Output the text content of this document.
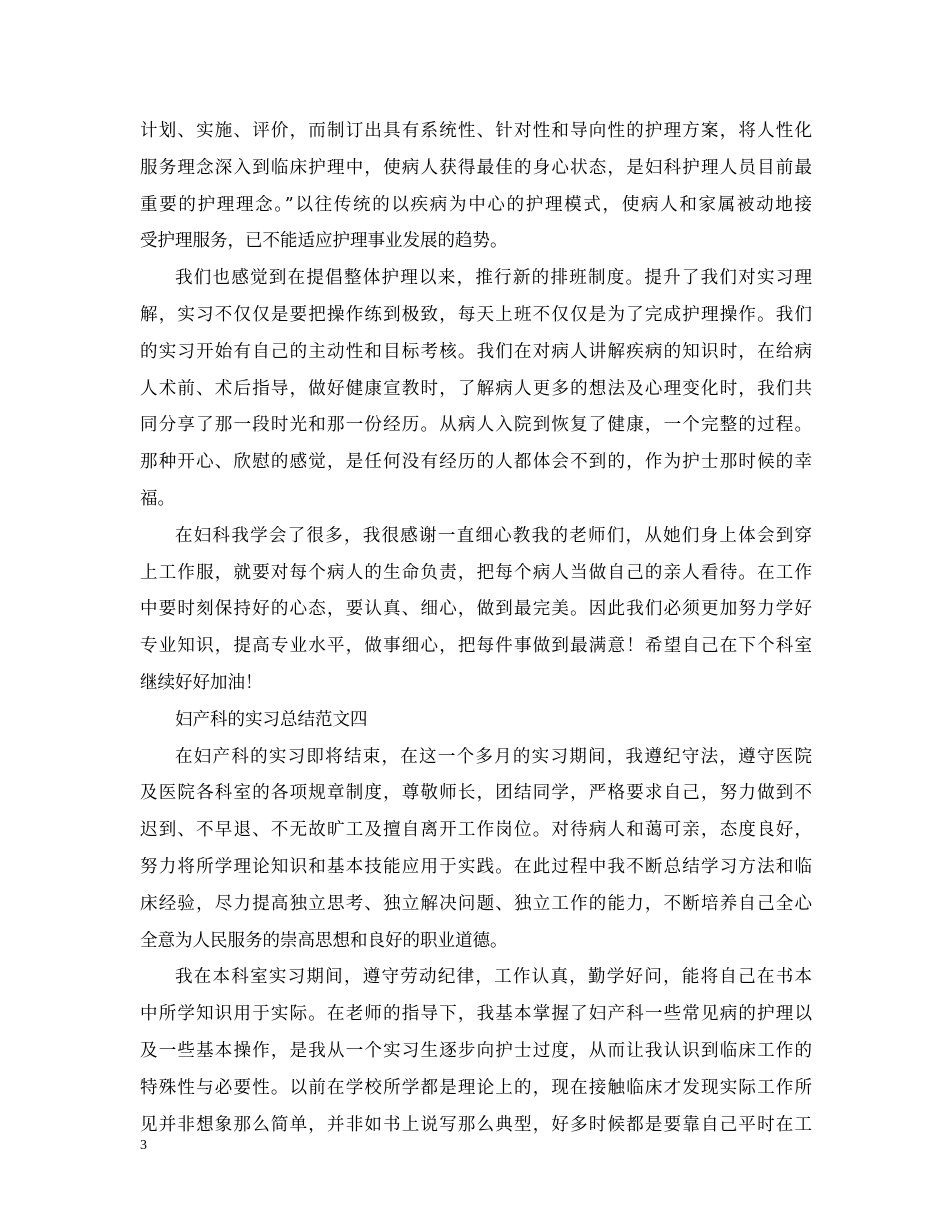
计划、实施、评价，而制订出具有系统性、针对性和导向性的护理方案，将人性化
服务理念深入到临床护理中，使病人获得最佳的身心状态，是妇科护理人员目前最
重要的护理理念。”以往传统的以疾病为中心的护理模式，使病人和家属被动地接
受护理服务，已不能适应护理事业发展的趋势。
我们也感觉到在提倡整体护理以来，推行新的排班制度。提升了我们对实习理
解，实习不仅仅是要把操作练到极致，每天上班不仅仅是为了完成护理操作。我们
的实习开始有自己的主动性和目标考核。我们在对病人讲解疾病的知识时，在给病
人术前、术后指导，做好健康宣教时，了解病人更多的想法及心理变化时，我们共
同分享了那一段时光和那一份经历。从病人入院到恢复了健康，一个完整的过程。
那种开心、欣慰的感觉，是任何没有经历的人都体会不到的，作为护士那时候的幸
福。
在妇科我学会了很多，我很感谢一直细心教我的老师们，从她们身上体会到穿
上工作服，就要对每个病人的生命负责，把每个病人当做自己的亲人看待。在工作
中要时刻保持好的心态，要认真、细心，做到最完美。因此我们必须更加努力学好
专业知识，提高专业水平，做事细心，把每件事做到最满意！希望自己在下个科室
继续好好加油！
妇产科的实习总结范文四
在妇产科的实习即将结束，在这一个多月的实习期间，我遵纪守法，遵守医院
及医院各科室的各项规章制度，尊敬师长，团结同学，严格要求自己，努力做到不
迟到、不早退、不无故旷工及擅自离开工作岗位。对待病人和蔼可亲，态度良好，
努力将所学理论知识和基本技能应用于实践。在此过程中我不断总结学习方法和临
床经验，尽力提高独立思考、独立解决问题、独立工作的能力，不断培养自己全心
全意为人民服务的崇高思想和良好的职业道德。
我在本科室实习期间，遵守劳动纪律，工作认真，勤学好问，能将自己在书本
中所学知识用于实际。在老师的指导下，我基本掌握了妇产科一些常见病的护理以
及一些基本操作，是我从一个实习生逐步向护士过度，从而让我认识到临床工作的
特殊性与必要性。以前在学校所学都是理论上的，现在接触临床才发现实际工作所
见并非想象那么简单，并非如书上说写那么典型，好多时候都是要靠自己平时在工
3
